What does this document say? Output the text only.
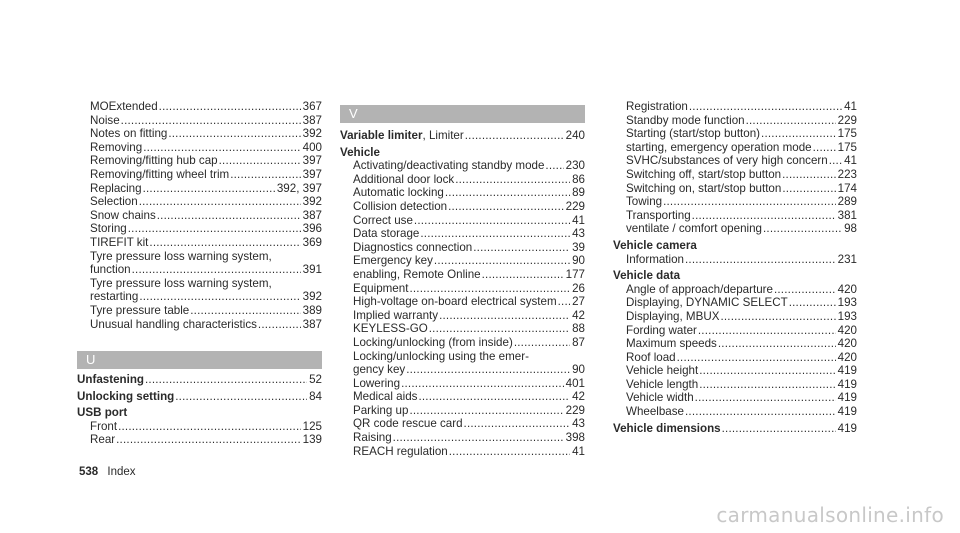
MOExtended .....	367
Noise .....	387
Notes on fitting .....	392
Removing .....	400
Removing/fitting hub cap .....	397
Removing/fitting wheel trim .....	397
Replacing .....	392, 397
Selection .....	392
Snow chains .....	387
Storing .....	396
TIREFIT kit .....	369
Tyre pressure loss warning system,
function .....	391
Tyre pressure loss warning system,
restarting .....	392
Tyre pressure table .....	389
Unusual handling characteristics .....	387
U
Unfastening .....	52
Unlocking setting .....	84
USB port
Front .....	125
Rear .....	139
V
Variable limiter, Limiter .....	240
Vehicle
Activating/deactivating standby mode ..... 230
Additional door lock .....	86
Automatic locking .....	89
Collision detection .....	229
Correct use .....	41
Data storage .....	43
Diagnostics connection .....	39
Emergency key .....	90
enabling, Remote Online .....	177
Equipment .....	26
High-voltage on-board electrical system ..... 27
Implied warranty .....	42
KEYLESS-GO .....	88
Locking/unlocking (from inside) .....	87
Locking/unlocking using the emer-
gency key .....	90
Lowering .....	401
Medical aids .....	42
Parking up .....	229
QR code rescue card .....	43
Raising .....	398
REACH regulation .....	41
Registration .....	41
Standby mode function .....	229
Starting (start/stop button) .....	175
starting, emergency operation mode ..... 175
SVHC/substances of very high concern ..... 41
Switching off, start/stop button .....	223
Switching on, start/stop button .....	174
Towing .....	289
Transporting .....	381
ventilate / comfort opening .....	98
Vehicle camera
Information .....	231
Vehicle data
Angle of approach/departure .....	420
Displaying, DYNAMIC SELECT .....	193
Displaying, MBUX .....	193
Fording water .....	420
Maximum speeds .....	420
Roof load .....	420
Vehicle height .....	419
Vehicle length .....	419
Vehicle width .....	419
Wheelbase .....	419
Vehicle dimensions .....	419
538 Index
carmanualsonline.info
